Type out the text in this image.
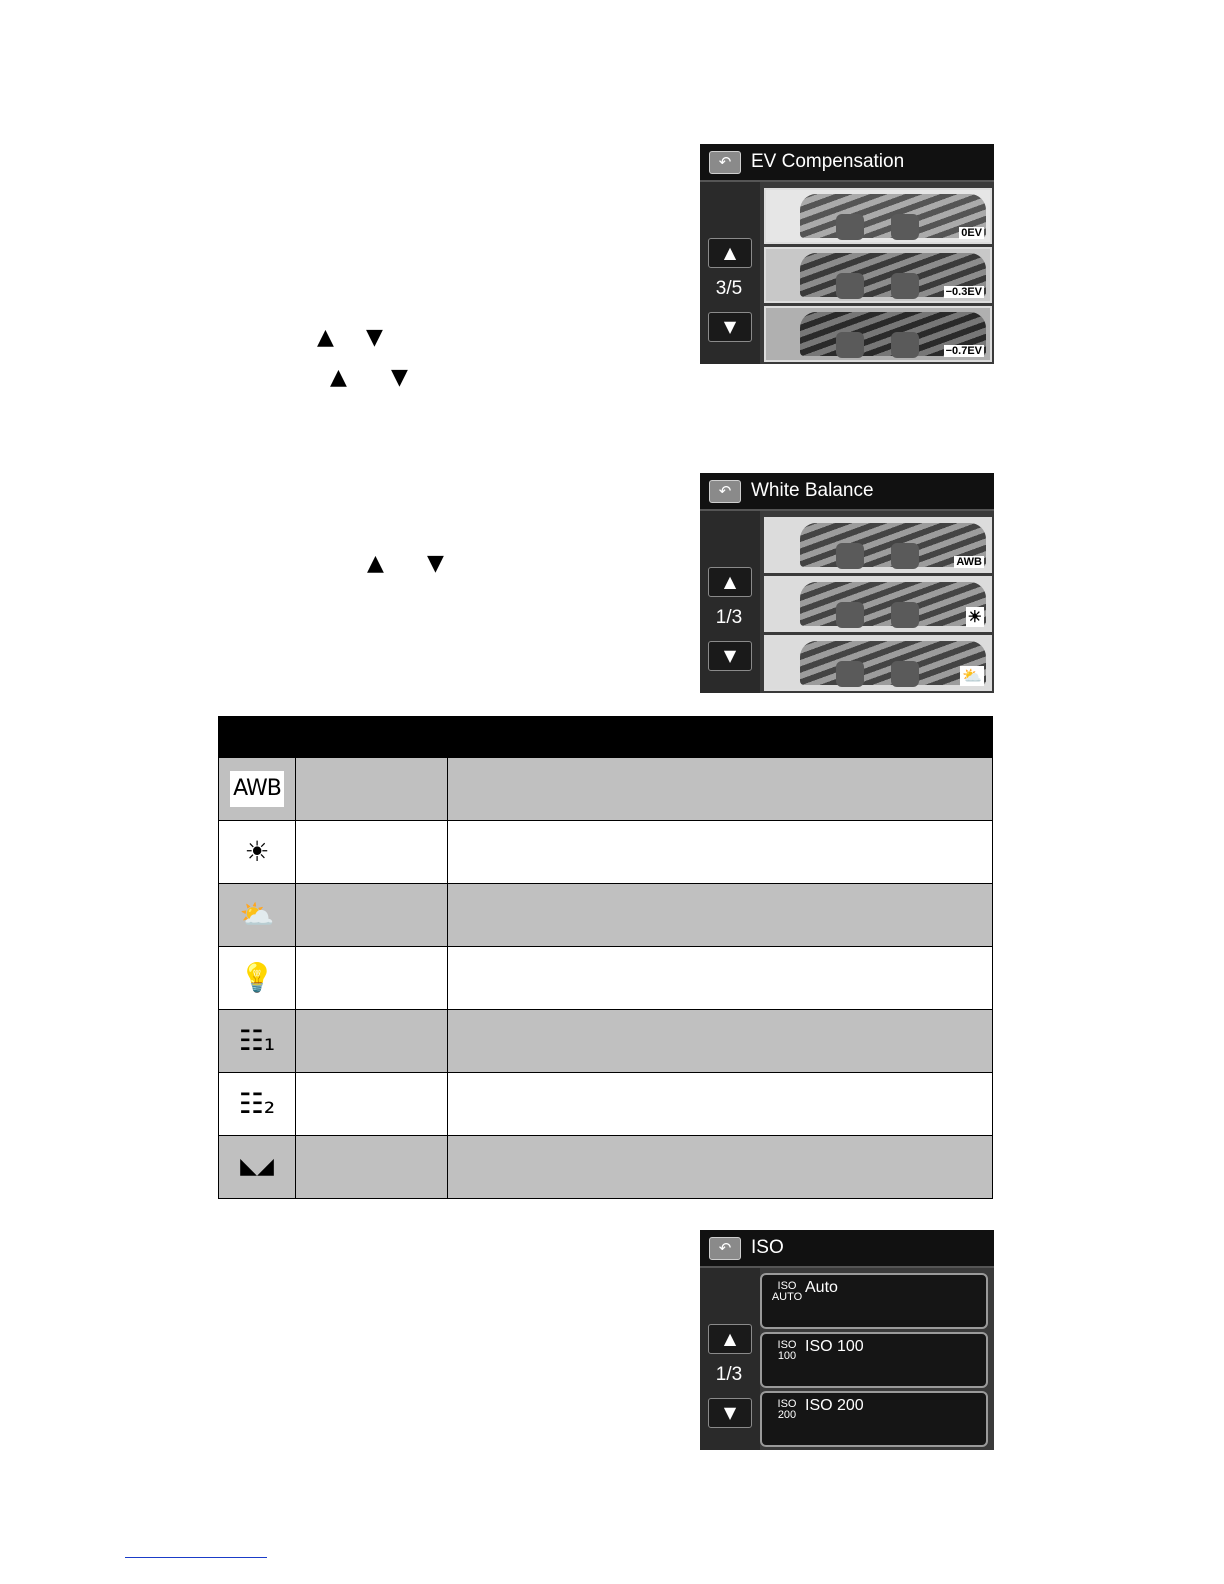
▲ ▼
▲ ▼
▲ ▼
↶	EV Compensation
▲
3/5
▼
0EV
−0.3EV
−0.7EV
↶	White Balance
▲
1/3
▼
AWB
☀
⛅

AWB		
☀		
⛅		
💡		
☷₁		
☷₂		
◣◢		
↶	ISO
▲
1/3
▼
ISO
AUTO
Auto
ISO
100
ISO 100
ISO
200
ISO 200
